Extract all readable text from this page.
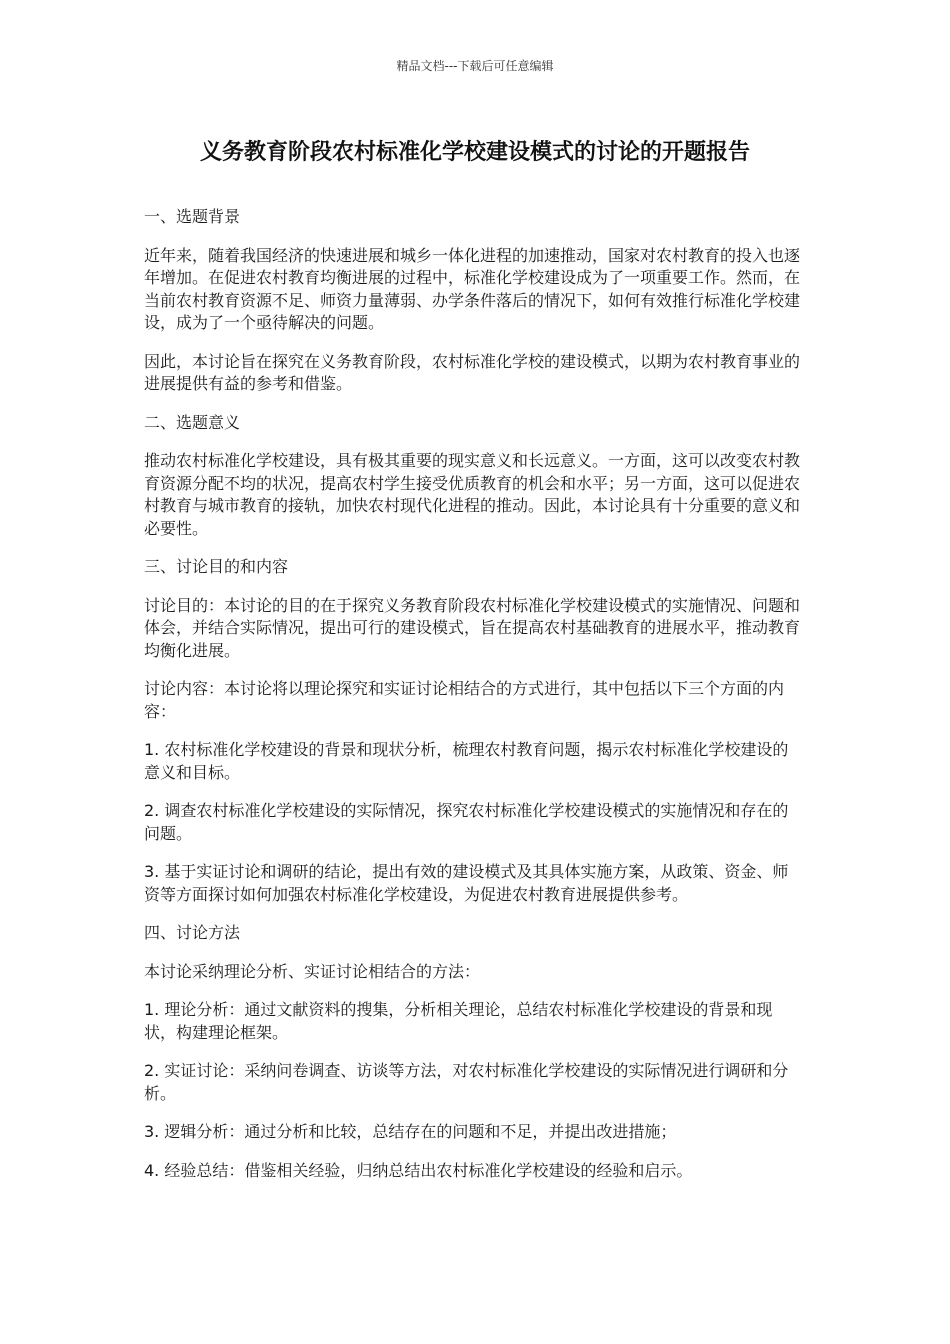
精品文档---下载后可任意编辑
义务教育阶段农村标准化学校建设模式的讨论的开题报告

一、选题背景

近年来，随着我国经济的快速进展和城乡一体化进程的加速推动，国家对农村教育的投入也逐年增加。在促进农村教育均衡进展的过程中，标准化学校建设成为了一项重要工作。然而，在当前农村教育资源不足、师资力量薄弱、办学条件落后的情况下，如何有效推行标准化学校建设，成为了一个亟待解决的问题。

因此，本讨论旨在探究在义务教育阶段，农村标准化学校的建设模式，以期为农村教育事业的进展提供有益的参考和借鉴。

二、选题意义

推动农村标准化学校建设，具有极其重要的现实意义和长远意义。一方面，这可以改变农村教育资源分配不均的状况，提高农村学生接受优质教育的机会和水平；另一方面，这可以促进农村教育与城市教育的接轨，加快农村现代化进程的推动。因此，本讨论具有十分重要的意义和必要性。

三、讨论目的和内容

讨论目的：本讨论的目的在于探究义务教育阶段农村标准化学校建设模式的实施情况、问题和体会，并结合实际情况，提出可行的建设模式，旨在提高农村基础教育的进展水平，推动教育均衡化进展。

讨论内容：本讨论将以理论探究和实证讨论相结合的方式进行，其中包括以下三个方面的内容：

1. 农村标准化学校建设的背景和现状分析，梳理农村教育问题，揭示农村标准化学校建设的意义和目标。

2. 调查农村标准化学校建设的实际情况，探究农村标准化学校建设模式的实施情况和存在的问题。

3. 基于实证讨论和调研的结论，提出有效的建设模式及其具体实施方案，从政策、资金、师资等方面探讨如何加强农村标准化学校建设，为促进农村教育进展提供参考。

四、讨论方法

本讨论采纳理论分析、实证讨论相结合的方法：

1. 理论分析：通过文献资料的搜集，分析相关理论，总结农村标准化学校建设的背景和现状，构建理论框架。

2. 实证讨论：采纳问卷调查、访谈等方法，对农村标准化学校建设的实际情况进行调研和分析。

3. 逻辑分析：通过分析和比较，总结存在的问题和不足，并提出改进措施；

4. 经验总结：借鉴相关经验，归纳总结出农村标准化学校建设的经验和启示。
